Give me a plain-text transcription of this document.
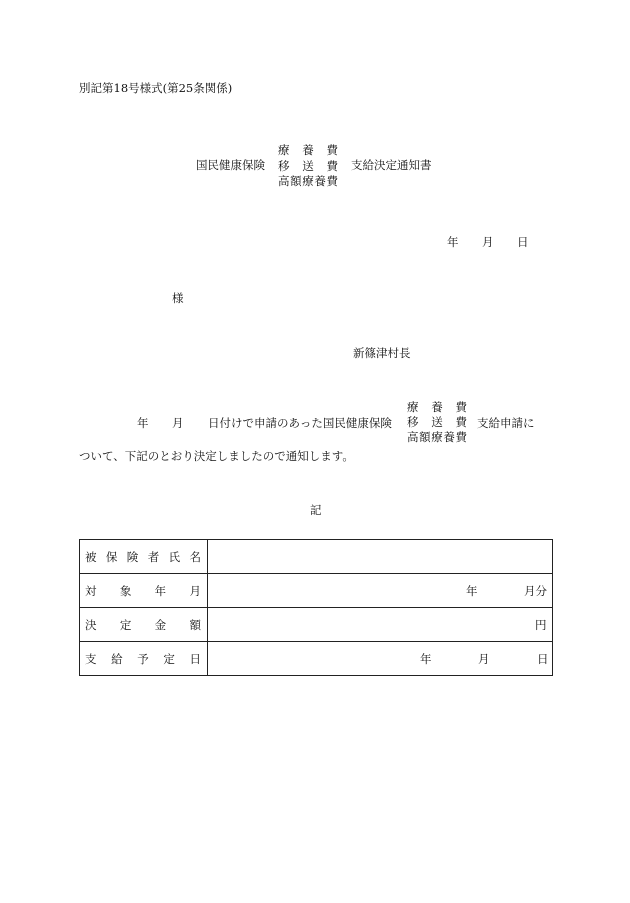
別記第18号様式(第25条関係)
国民健康保険
療 養 費
移 送 費
高額療養費
支給決定通知書
年 月 日
様
新篠津村長
年 月 日付けで申請のあった国民健康保険
療 養 費
移 送 費
高額療養費
支給申請に
ついて、下記のとおり決定しましたので通知します。
記
被 保 険 者 氏 名	

対 象 年 月	年 月分

決 定 金 額	円

支 給 予 定 日	年 月 日
